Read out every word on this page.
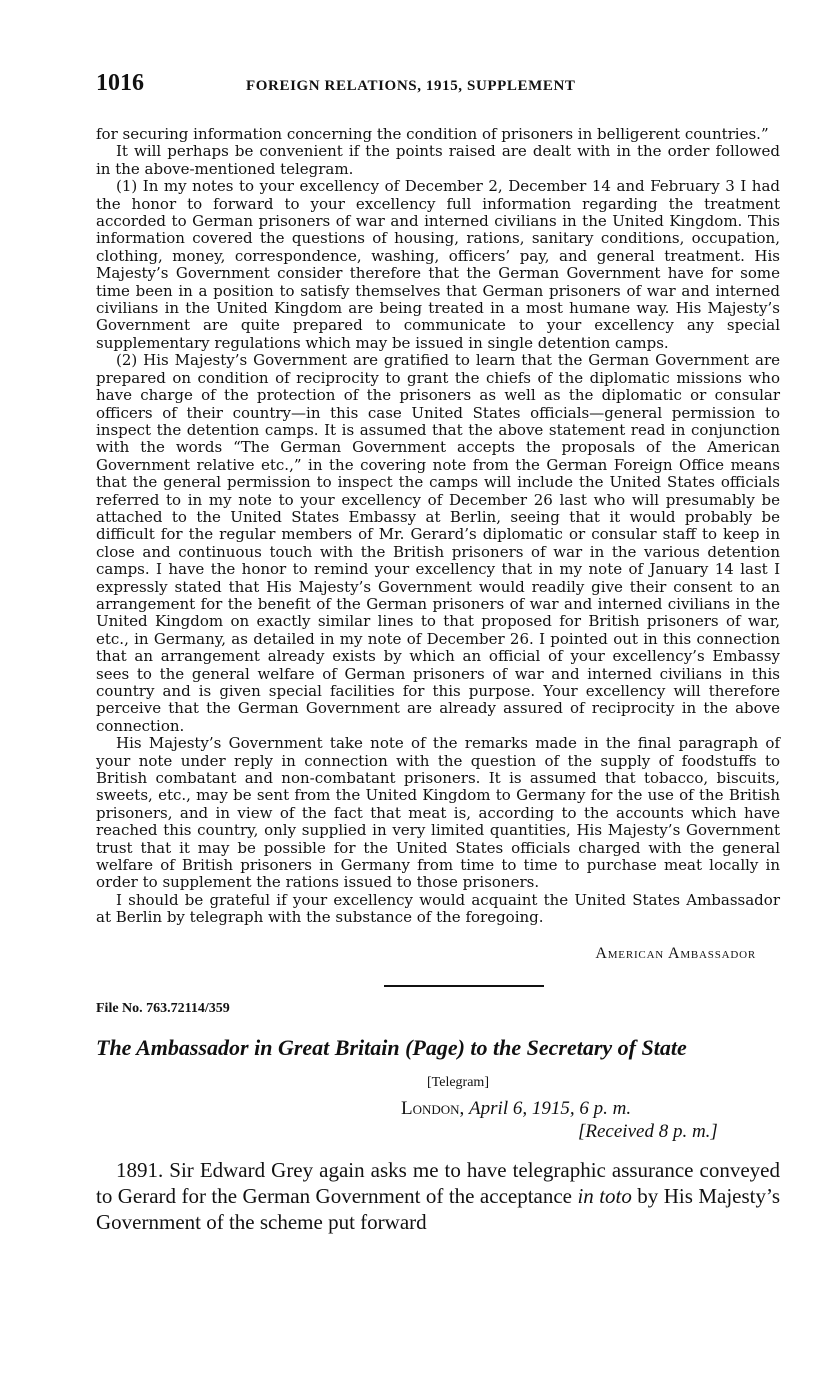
1016	FOREIGN RELATIONS, 1915, SUPPLEMENT

for securing information concerning the condition of prisoners in belligerent countries.”

It will perhaps be convenient if the points raised are dealt with in the order followed in the above-mentioned telegram.

(1) In my notes to your excellency of December 2, December 14 and February 3 I had the honor to forward to your excellency full information regarding the treatment accorded to German prisoners of war and interned civilians in the United Kingdom. This information covered the questions of housing, rations, sanitary conditions, occupation, clothing, money, correspondence, washing, officers’ pay, and general treatment. His Majesty’s Government consider therefore that the German Government have for some time been in a position to satisfy themselves that German prisoners of war and interned civilians in the United Kingdom are being treated in a most humane way. His Majesty’s Government are quite prepared to communicate to your excellency any special supplementary regulations which may be issued in single detention camps.

(2) His Majesty’s Government are gratified to learn that the German Government are prepared on condition of reciprocity to grant the chiefs of the diplomatic missions who have charge of the protection of the prisoners as well as the diplomatic or consular officers of their country—in this case United States officials—general permission to inspect the detention camps. It is assumed that the above statement read in conjunction with the words “The German Government accepts the proposals of the American Government relative etc.,” in the covering note from the German Foreign Office means that the general permission to inspect the camps will include the United States officials referred to in my note to your excellency of December 26 last who will presumably be attached to the United States Embassy at Berlin, seeing that it would probably be difficult for the regular members of Mr. Gerard’s diplomatic or consular staff to keep in close and continuous touch with the British prisoners of war in the various detention camps. I have the honor to remind your excellency that in my note of January 14 last I expressly stated that His Majesty’s Government would readily give their consent to an arrangement for the benefit of the German prisoners of war and interned civilians in the United Kingdom on exactly similar lines to that proposed for British prisoners of war, etc., in Germany, as detailed in my note of December 26. I pointed out in this connection that an arrangement already exists by which an official of your excellency’s Embassy sees to the general welfare of German prisoners of war and interned civilians in this country and is given special facilities for this purpose. Your excellency will therefore perceive that the German Government are already assured of reciprocity in the above connection.

His Majesty’s Government take note of the remarks made in the final paragraph of your note under reply in connection with the question of the supply of foodstuffs to British combatant and non-combatant prisoners. It is assumed that tobacco, biscuits, sweets, etc., may be sent from the United Kingdom to Germany for the use of the British prisoners, and in view of the fact that meat is, according to the accounts which have reached this country, only supplied in very limited quantities, His Majesty’s Government trust that it may be possible for the United States officials charged with the general welfare of British prisoners in Germany from time to time to purchase meat locally in order to supplement the rations issued to those prisoners.

I should be grateful if your excellency would acquaint the United States Ambassador at Berlin by telegraph with the substance of the foregoing.

American Ambassador
File No. 763.72114/359
The Ambassador in Great Britain (Page) to the Secretary of State
[Telegram]
London, April 6, 1915, 6 p. m.
[Received 8 p. m.]

1891. Sir Edward Grey again asks me to have telegraphic assurance conveyed to Gerard for the German Government of the acceptance in toto by His Majesty’s Government of the scheme put forward
